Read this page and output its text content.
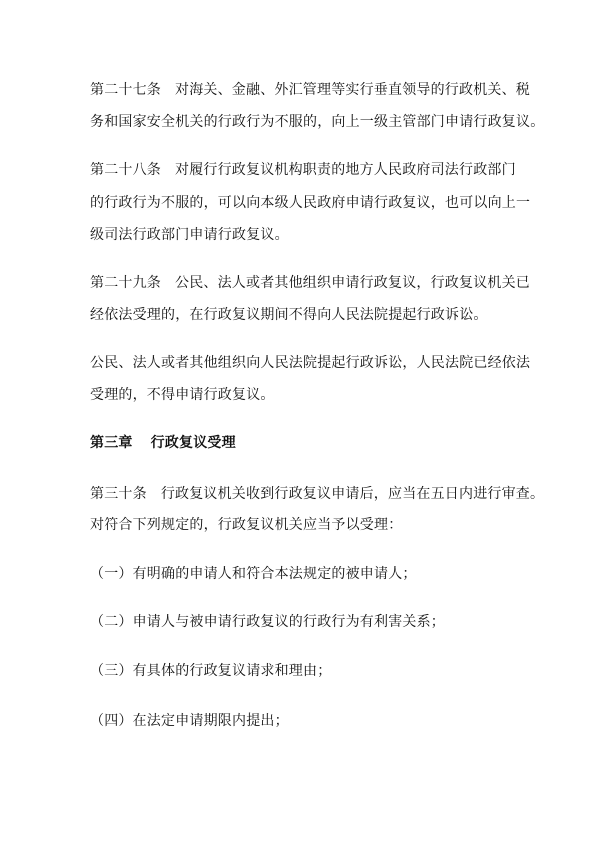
第二十七条 对海关、金融、外汇管理等实行垂直领导的行政机关、税
务和国家安全机关的行政行为不服的，向上一级主管部门申请行政复议。
第二十八条 对履行行政复议机构职责的地方人民政府司法行政部门
的行政行为不服的，可以向本级人民政府申请行政复议，也可以向上一
级司法行政部门申请行政复议。
第二十九条 公民、法人或者其他组织申请行政复议，行政复议机关已
经依法受理的，在行政复议期间不得向人民法院提起行政诉讼。
公民、法人或者其他组织向人民法院提起行政诉讼，人民法院已经依法
受理的，不得申请行政复议。
第三章 行政复议受理
第三十条 行政复议机关收到行政复议申请后，应当在五日内进行审查。
对符合下列规定的，行政复议机关应当予以受理：
（一）有明确的申请人和符合本法规定的被申请人；
（二）申请人与被申请行政复议的行政行为有利害关系；
（三）有具体的行政复议请求和理由；
（四）在法定申请期限内提出；
